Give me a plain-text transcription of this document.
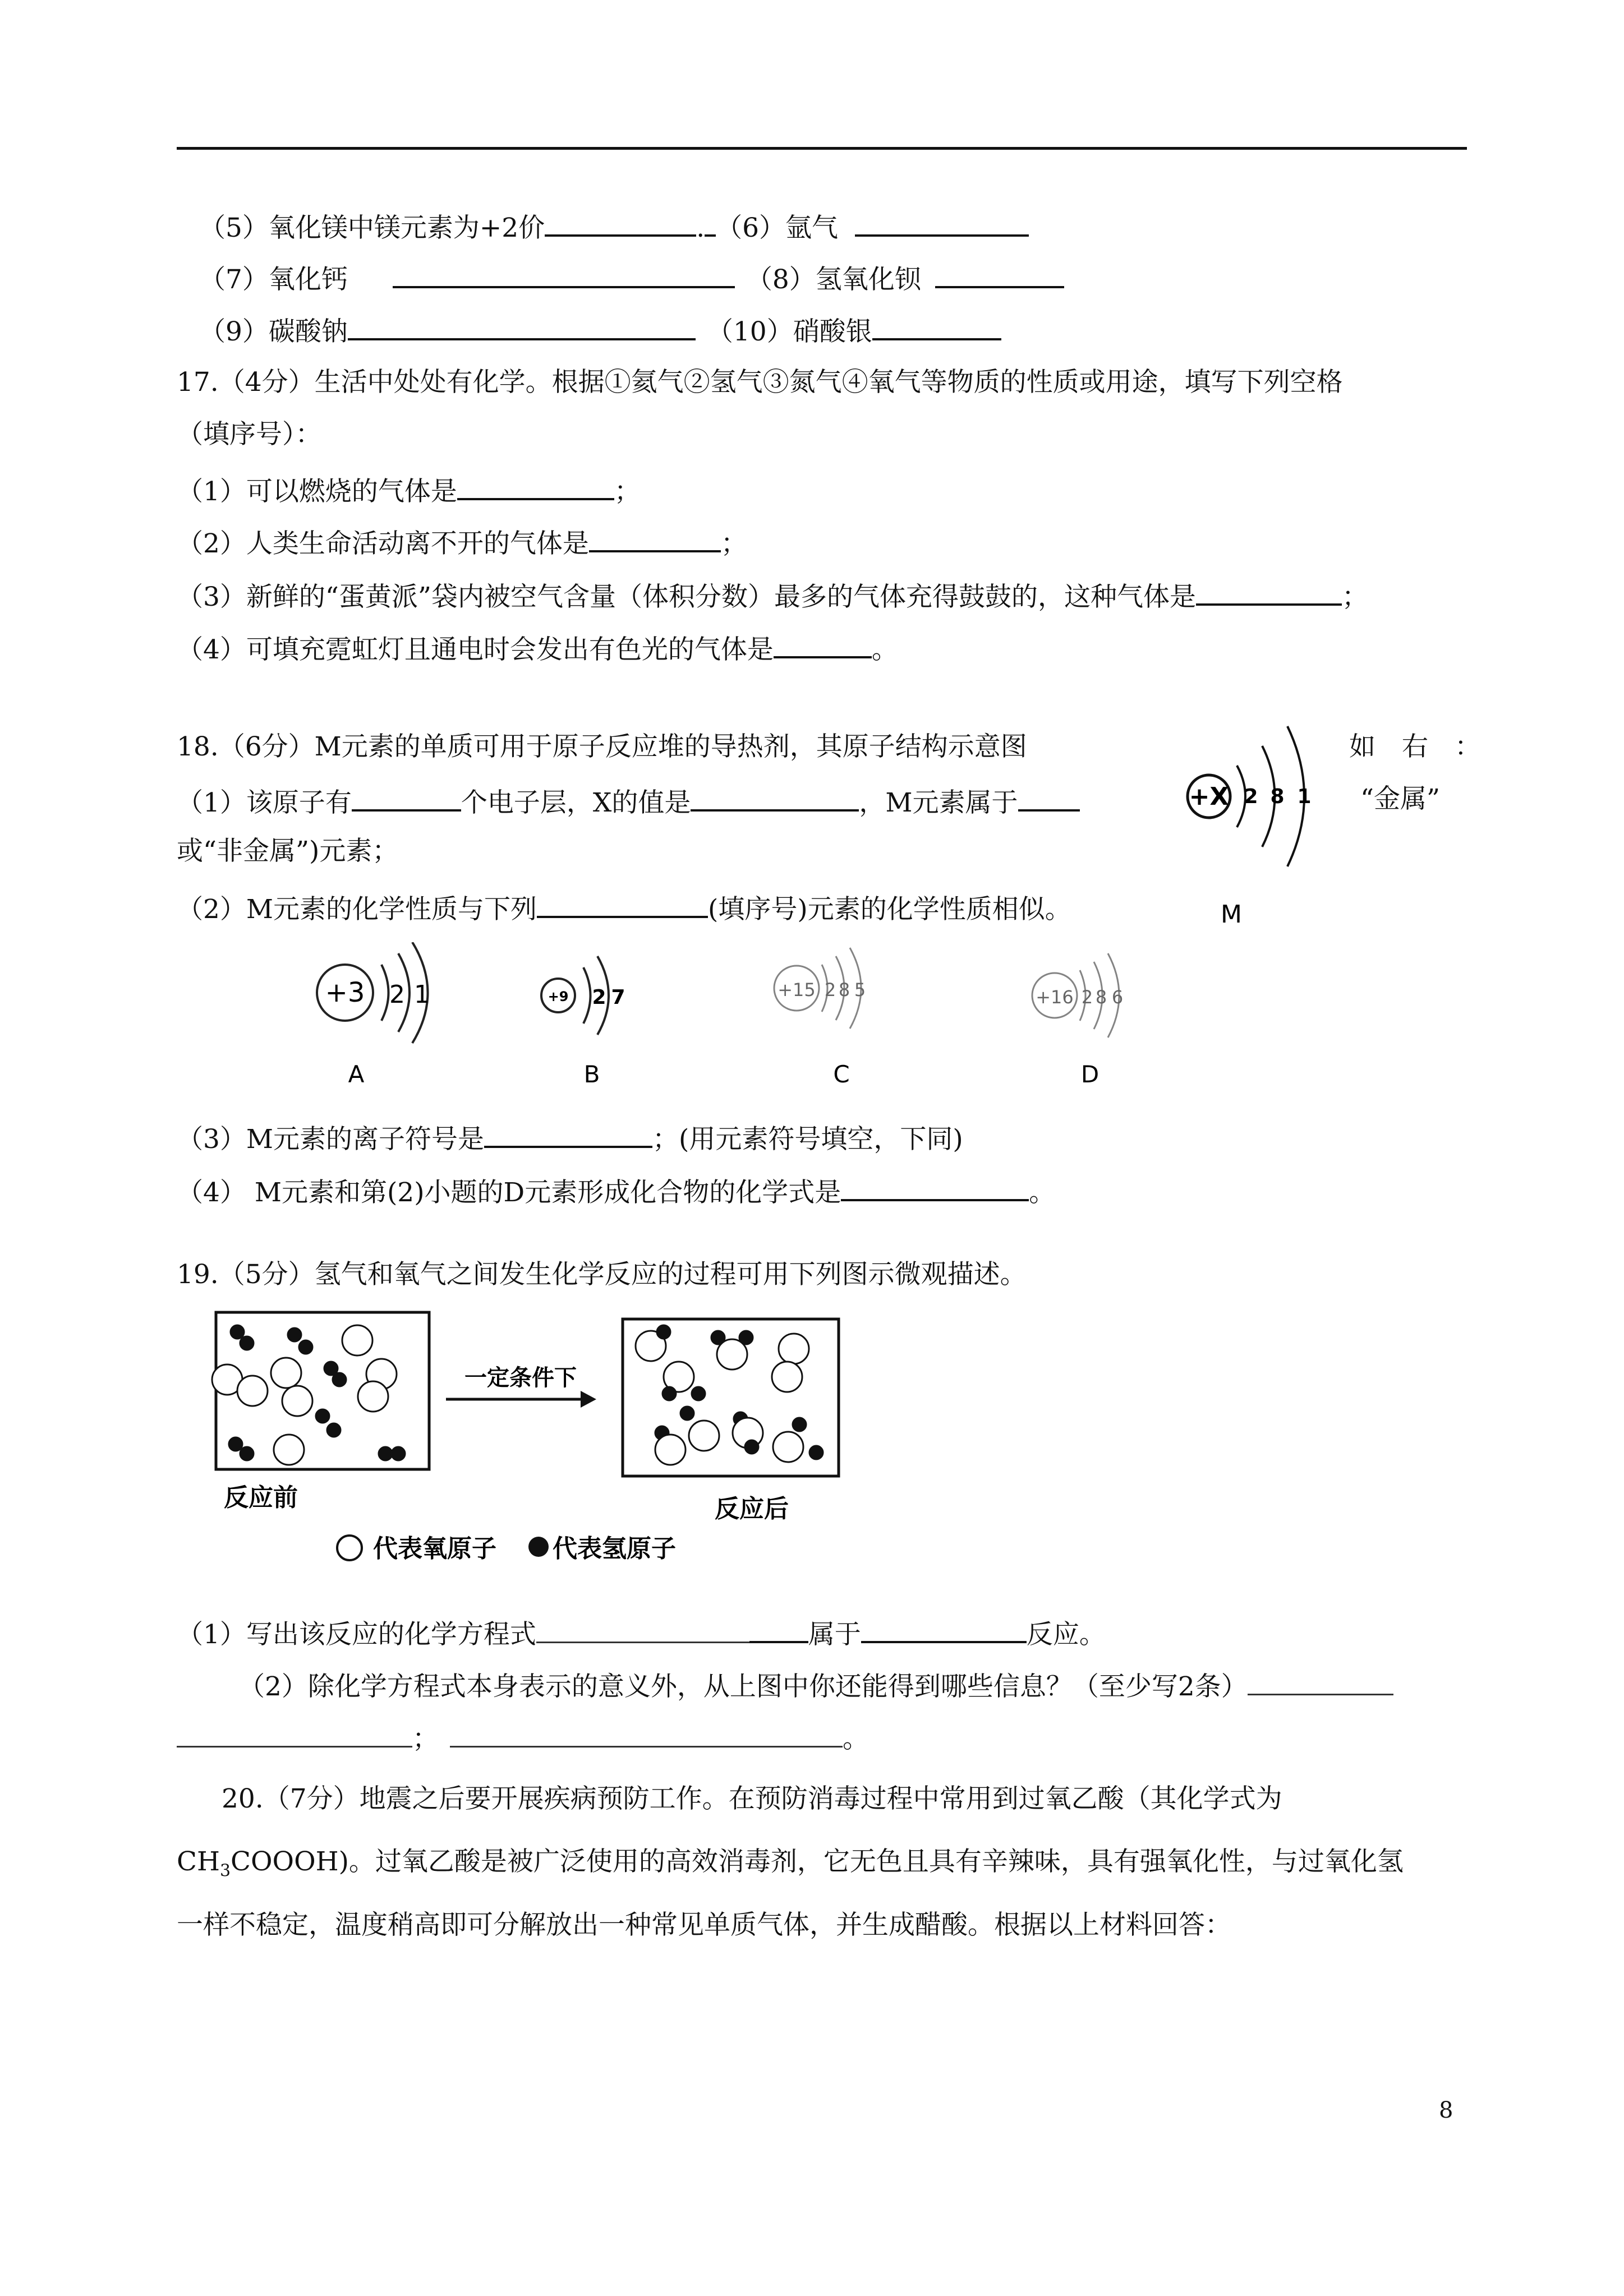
（5）氧化镁中镁元素为+2价	. （6）氩气
（7）氧化钙	（8）氢氧化钡
（9）碳酸钠	（10）硝酸银
17.（4分）生活中处处有化学。根据①氦气②氢气③氮气④氧气等物质的性质或用途，填写下列空格
（填序号）：
（1）可以燃烧的气体是	；
（2）人类生命活动离不开的气体是	；
（3）新鲜的“蛋黄派”袋内被空气含量（体积分数）最多的气体充得鼓鼓的，这种气体是	；
（4）可填充霓虹灯且通电时会发出有色光的气体是	。
18.（6分）M元素的单质可用于原子反应堆的导热剂，其原子结构示意图	如　右　：
（1）该原子有	个电子层，X的值是	，M元素属于	“金属”
或“非金属”)元素；
+X 2 8 1
M
（2）M元素的化学性质与下列	(填序号)元素的化学性质相似。
+3 2 1
A
+9 2 7
B
+15 2 8 5
C
+16 2 8 6
D
（3）M元素的离子符号是	；(用元素符号填空，下同)
（4） M元素和第(2)小题的D元素形成化合物的化学式是	。
19.（5分）氢气和氧气之间发生化学反应的过程可用下列图示微观描述。
一定条件下
反应前	反应后
代表氧原子 代表氢原子
（1）写出该反应的化学方程式	属于	反应。
（2）除化学方程式本身表示的意义外，从上图中你还能得到哪些信息？（至少写2条）
；	。
20.（7分）地震之后要开展疾病预防工作。在预防消毒过程中常用到过氧乙酸（其化学式为
$CH_3COOOH$)。过氧乙酸是被广泛使用的高效消毒剂，它无色且具有辛辣味，具有强氧化性，与过氧化氢
一样不稳定，温度稍高即可分解放出一种常见单质气体，并生成醋酸。根据以上材料回答：
8
